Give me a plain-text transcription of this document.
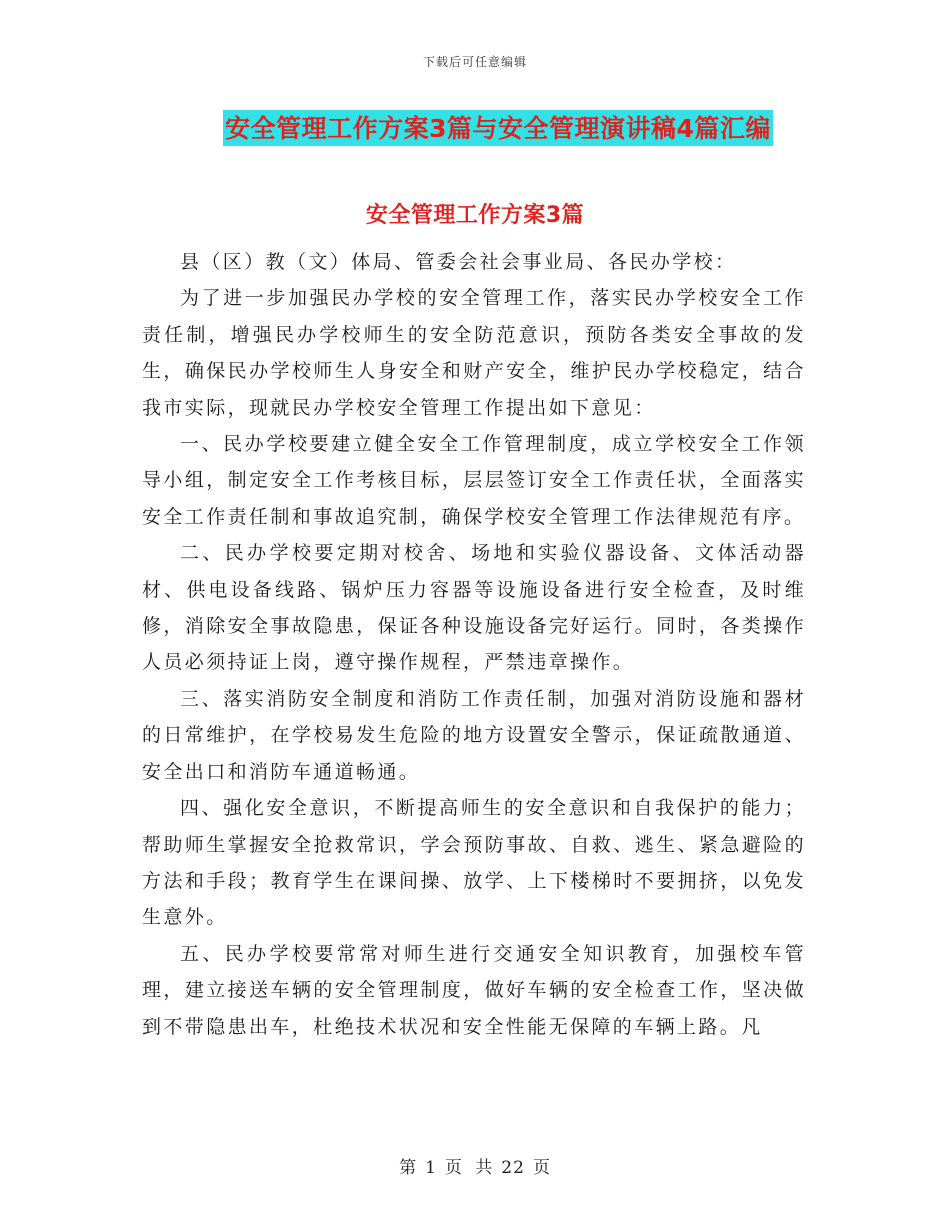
下载后可任意编辑
安全管理工作方案3篇与安全管理演讲稿4篇汇编
安全管理工作方案3篇

县（区）教（文）体局、管委会社会事业局、各民办学校：

为了进一步加强民办学校的安全管理工作，落实民办学校安全工作责任制，增强民办学校师生的安全防范意识，预防各类安全事故的发生，确保民办学校师生人身安全和财产安全，维护民办学校稳定，结合我市实际，现就民办学校安全管理工作提出如下意见：

一、民办学校要建立健全安全工作管理制度，成立学校安全工作领导小组，制定安全工作考核目标，层层签订安全工作责任状，全面落实安全工作责任制和事故追究制，确保学校安全管理工作法律规范有序。

二、民办学校要定期对校舍、场地和实验仪器设备、文体活动器材、供电设备线路、锅炉压力容器等设施设备进行安全检查，及时维修，消除安全事故隐患，保证各种设施设备完好运行。同时，各类操作人员必须持证上岗，遵守操作规程，严禁违章操作。

三、落实消防安全制度和消防工作责任制，加强对消防设施和器材的日常维护，在学校易发生危险的地方设置安全警示，保证疏散通道、安全出口和消防车通道畅通。

四、强化安全意识，不断提高师生的安全意识和自我保护的能力；帮助师生掌握安全抢救常识，学会预防事故、自救、逃生、紧急避险的方法和手段；教育学生在课间操、放学、上下楼梯时不要拥挤，以免发生意外。

五、民办学校要常常对师生进行交通安全知识教育，加强校车管理，建立接送车辆的安全管理制度，做好车辆的安全检查工作，坚决做到不带隐患出车，杜绝技术状况和安全性能无保障的车辆上路。凡

第 1 页 共 22 页
